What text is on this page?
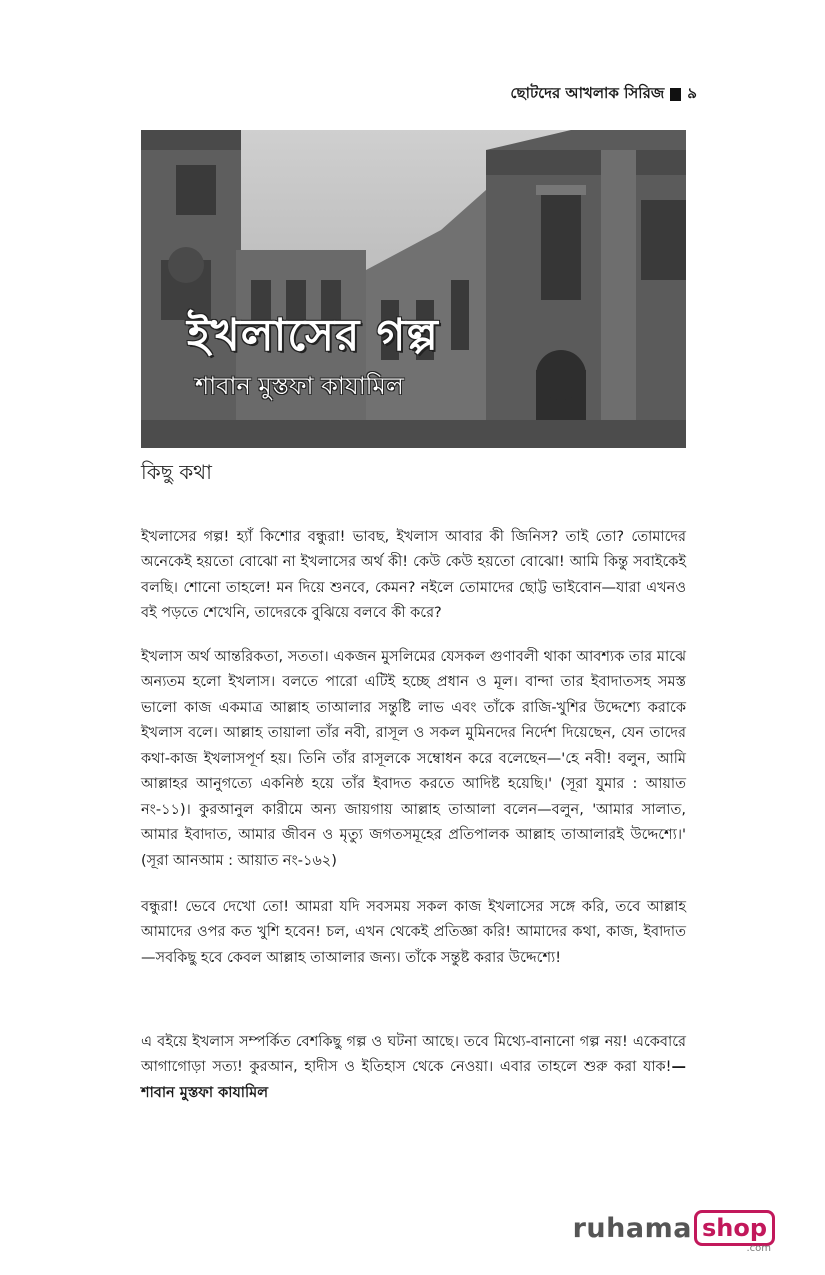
ছোটদের আখলাক সিরিজ ৯
ইখলাসের গল্প
শাবান মুস্তফা কাযামিল
কিছু কথা

ইখলাসের গল্প! হ্যাঁ কিশোর বন্ধুরা! ভাবছ, ইখলাস আবার কী জিনিস? তাই তো? তোমাদের অনেকেই হয়তো বোঝো না ইখলাসের অর্থ কী! কেউ কেউ হয়তো বোঝো! আমি কিন্তু সবাইকেই বলছি। শোনো তাহলে! মন দিয়ে শুনবে, কেমন? নইলে তোমাদের ছোট্ট ভাইবোন—যারা এখনও বই পড়তে শেখেনি, তাদেরকে বুঝিয়ে বলবে কী করে?

ইখলাস অর্থ আন্তরিকতা, সততা। একজন মুসলিমের যেসকল গুণাবলী থাকা আবশ্যক তার মাঝে অন্যতম হলো ইখলাস। বলতে পারো এটিই হচ্ছে প্রধান ও মূল। বান্দা তার ইবাদাতসহ সমস্ত ভালো কাজ একমাত্র আল্লাহ তাআলার সন্তুষ্টি লাভ এবং তাঁকে রাজি-খুশির উদ্দেশ্যে করাকে ইখলাস বলে। আল্লাহ তায়ালা তাঁর নবী, রাসূল ও সকল মুমিনদের নির্দেশ দিয়েছেন, যেন তাদের কথা-কাজ ইখলাসপূর্ণ হয়। তিনি তাঁর রাসূলকে সম্বোধন করে বলেছেন—'হে নবী! বলুন, আমি আল্লাহর আনুগত্যে একনিষ্ঠ হয়ে তাঁর ইবাদত করতে আদিষ্ট হয়েছি।' (সূরা যুমার : আয়াত নং-১১)। কুরআনুল কারীমে অন্য জায়গায় আল্লাহ তাআলা বলেন—বলুন, 'আমার সালাত, আমার ইবাদাত, আমার জীবন ও মৃত্যু জগতসমূহের প্রতিপালক আল্লাহ তাআলারই উদ্দেশ্যে।' (সূরা আনআম : আয়াত নং-১৬২)

বন্ধুরা! ভেবে দেখো তো! আমরা যদি সবসময় সকল কাজ ইখলাসের সঙ্গে করি, তবে আল্লাহ আমাদের ওপর কত খুশি হবেন! চল, এখন থেকেই প্রতিজ্ঞা করি! আমাদের কথা, কাজ, ইবাদাত—সবকিছু হবে কেবল আল্লাহ তাআলার জন্য। তাঁকে সন্তুষ্ট করার উদ্দেশ্যে!

এ বইয়ে ইখলাস সম্পর্কিত বেশকিছু গল্প ও ঘটনা আছে। তবে মিথ্যে-বানানো গল্প নয়! একেবারে আগাগোড়া সত্য! কুরআন, হাদীস ও ইতিহাস থেকে নেওয়া। এবার তাহলে শুরু করা যাক!—শাবান মুস্তফা কাযামিল

ruhama shop
.com
